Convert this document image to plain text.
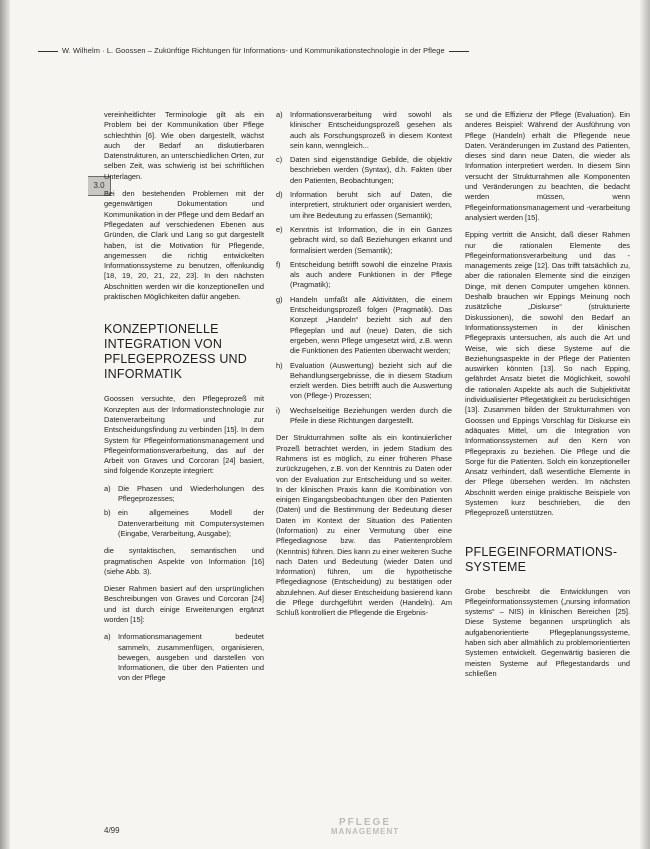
W. Wilhelm · L. Goossen – Zukünftige Richtungen für Informations- und Kommunikationstechnologie in der Pflege
3.0

vereinheitlichter Terminologie gilt als ein Problem bei der Kommunikation über Pflege schlechthin [6]. Wie oben dargestellt, wächst auch der Bedarf an diskutierbaren Datenstrukturen, an unterschiedlichen Orten, zur selben Zeit, was schwierig ist bei schriftlichen Unterlagen.

Bei den bestehenden Problemen mit der gegenwärtigen Dokumentation und Kommunikation in der Pflege und dem Bedarf an Pflegedaten auf verschiedenen Ebenen aus Gründen, die Clark und Lang so gut dargestellt haben, ist die Motivation für Pflegende, angemessen die richtig entwickelten Informationssysteme zu benutzen, offenkundig [18, 19, 20, 21, 22, 23]. In den nächsten Abschnitten werden wir die konzeptionellen und praktischen Möglichkeiten dafür angeben.

KONZEPTIONELLE INTEGRATION VON PFLEGEPROZESS UND INFORMATIK

Goossen versuchte, den Pflegeprozeß mit Konzepten aus der Informationstechnologie zur Datenverarbeitung und zur Entscheidungsfindung zu verbinden [15]. In dem System für Pflegeinformationsmanagement und Pflegeinformationsverarbeitung, das auf der Arbeit von Graves und Corcoran [24] basiert, sind folgende Konzepte integriert:

a)	Die Phasen und Wiederholungen des Pflegeprozesses;
b)	ein allgemeines Modell der Datenverarbeitung mit Computersystemen (Eingabe, Verarbeitung, Ausgabe);

die syntaktischen, semantischen und pragmatischen Aspekte von Information [16] (siehe Abb. 3).

Dieser Rahmen basiert auf den ursprünglichen Beschreibungen von Graves und Corcoran [24] und ist durch einige Erweiterungen ergänzt worden [15]:

a)	Informationsmanagement bedeutet sammeln, zusammenfügen, organisieren, bewegen, ausgeben und darstellen von Informationen, die über den Patienten und von der Pflege
a)	Informationsverarbeitung wird sowohl als klinischer Entscheidungsprozeß gesehen als auch als Forschungsprozeß in diesem Kontext sein kann, wenngleich...
c)	Daten sind eigenständige Gebilde, die objektiv beschrieben werden (Syntax), d.h. Fakten über den Patienten, Beobachtungen;
d)	Information beruht sich auf Daten, die interpretiert, strukturiert oder organisiert werden, um ihre Bedeutung zu erfassen (Semantik);
e)	Kenntnis ist Information, die in ein Ganzes gebracht wird, so daß Beziehungen erkannt und formalisiert werden (Semantik);
f)	Entscheidung betrifft sowohl die einzelne Praxis als auch andere Funktionen in der Pflege (Pragmatik);
g)	Handeln umfaßt alle Aktivitäten, die einem Entscheidungsprozeß folgen (Pragmatik). Das Konzept „Handeln“ bezieht sich auf den Pflegeplan und auf (neue) Daten, die sich ergeben, wenn Pflege umgesetzt wird, z.B. wenn die Funktionen des Patienten überwacht werden;
h)	Evaluation (Auswertung) bezieht sich auf die Behandlungsergebnisse, die in diesem Stadium erzielt werden. Dies betrifft auch die Auswertung von (Pflege-) Prozessen;
i)	Wechselseitige Beziehungen werden durch die Pfeile in diese Richtungen dargestellt.

Der Strukturrahmen sollte als ein kontinuierlicher Prozeß betrachtet werden, in jedem Stadium des Rahmens ist es möglich, zu einer früheren Phase zurückzugehen, z.B. von der Kenntnis zu Daten oder von der Evaluation zur Entscheidung und so weiter. In der klinischen Praxis kann die Kombination von einigen Eingangsbeobachtungen über den Patienten (Daten) und die Bestimmung der Bedeutung dieser Daten im Kontext der Situation des Patienten (Information) zu einer Vermutung über eine Pflegediagnose bzw. das Patientenproblem (Kenntnis) führen. Dies kann zu einer weiteren Suche nach Daten und Bedeutung (wieder Daten und Information) führen, um die hypothetische Pflegediagnose (Entscheidung) zu bestätigen oder abzulehnen. Auf dieser Entscheidung basierend kann die Pflege durchgeführt werden (Handeln). Am Schluß kontrolliert die Pflegende die Ergebnis-

se und die Effizienz der Pflege (Evaluation). Ein anderes Beispiel: Während der Ausführung von Pflege (Handeln) erhält die Pflegende neue Daten. Veränderungen im Zustand des Patienten, dieses sind dann neue Daten, die wieder als Information interpretiert werden. In diesem Sinn versucht der Strukturrahmen alle Komponenten und Veränderungen zu beachten, die bedacht werden müssen, wenn Pflegeinformationsmanagement und -verarbeitung analysiert werden [15].

Epping vertritt die Ansicht, daß dieser Rahmen nur die rationalen Elemente des Pflegeinformationsverarbeitung und das -managements zeige [12]. Das trifft tatsächlich zu, aber die rationalen Elemente sind die einzigen Dinge, mit denen Computer umgehen können. Deshalb brauchen wir Eppings Meinung noch zusätzliche „Diskurse“ (strukturierte Diskussionen), die sowohl den Bedarf an Informationssystemen in der klinischen Pflegepraxis untersuchen, als auch die Art und Weise, wie sich diese Systeme auf die Beziehungsaspekte in der Pflege der Patienten auswirken könnten [13]. So nach Epping, gefährdet Ansatz bietet die Möglichkeit, sowohl die rationalen Aspekte als auch die Subjektivität individualisierter Pflegetätigkeit zu berücksichtigen [13]. Zusammen bilden der Strukturrahmen von Goossen und Eppings Vorschlag für Diskurse ein adäquates Mittel, um die Integration von Informationssystemen auf den Kern von Pflegepraxis zu beziehen. Die Pflege und die Sorge für die Patienten. Solch ein konzeptioneller Ansatz verhindert, daß wesentliche Elemente in der Pflege übersehen werden. Im nächsten Abschnitt werden einige praktische Beispiele von Systemen kurz beschrieben, die den Pflegeprozeß unterstützen.

PFLEGEINFORMATIONS-SYSTEME

Grobe beschreibt die Entwicklungen von Pflegeinformationssystemen („nursing information systems“ – NIS) in klinischen Bereichen [25]. Diese Systeme begannen ursprünglich als aufgabenorientierte Pflegeplanungssysteme, haben sich aber allmählich zu problemorientierten Systemen entwickelt. Gegenwärtig basieren die meisten Systeme auf Pflegestandards und schließen

4/99
PFLEGE
MANAGEMENT
